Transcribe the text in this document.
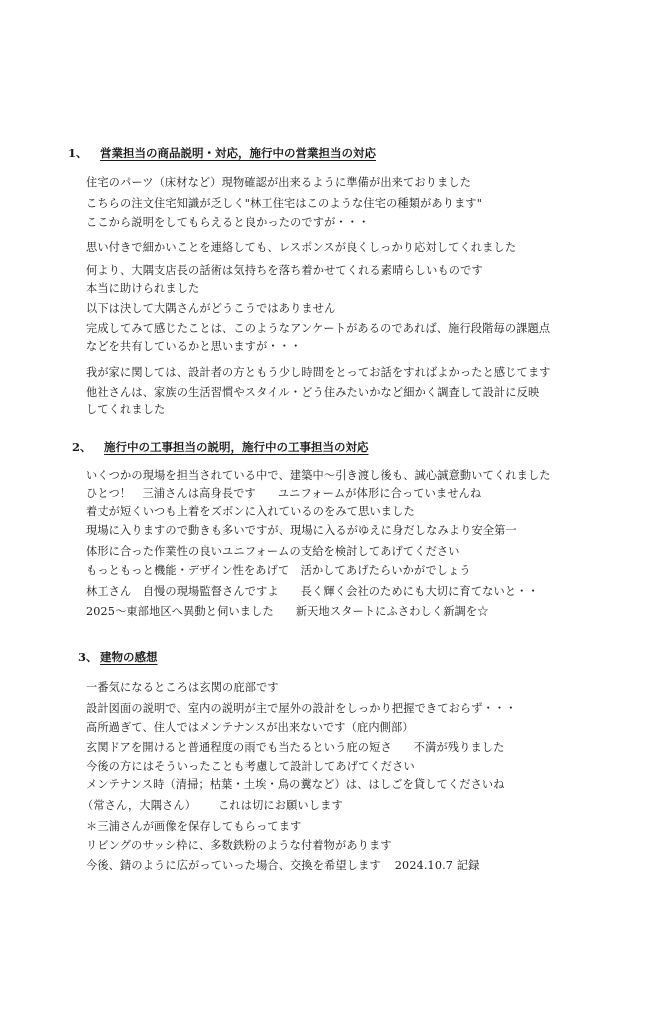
1、 営業担当の商品説明・対応，施行中の営業担当の対応
住宅のパーツ（床材など）現物確認が出来るように準備が出来ておりました
こちらの注文住宅知識が乏しく"林工住宅はこのような住宅の種類があります"
ここから説明をしてもらえると良かったのですが・・・
思い付きで細かいことを連絡しても、レスポンスが良くしっかり応対してくれました
何より、大隅支店長の話術は気持ちを落ち着かせてくれる素晴らしいものです
本当に助けられました
以下は決して大隅さんがどうこうではありません
完成してみて感じたことは、このようなアンケートがあるのであれば、施行段階毎の課題点
などを共有しているかと思いますが・・・
我が家に関しては、設計者の方ともう少し時間をとってお話をすればよかったと感じてます
他社さんは、家族の生活習慣やスタイル・どう住みたいかなど細かく調査して設計に反映
してくれました
2、 施行中の工事担当の説明，施行中の工事担当の対応
いくつかの現場を担当されている中で、建築中～引き渡し後も、誠心誠意動いてくれました
ひとつ！　三浦さんは高身長です ユニフォームが体形に合っていませんね
着丈が短くいつも上着をズボンに入れているのをみて思いました
現場に入りますので動きも多いですが、現場に入るがゆえに身だしなみより安全第一
体形に合った作業性の良いユニフォームの支給を検討してあげてください
もっともっと機能・デザイン性をあげて　活かしてあげたらいかがでしょう
林工さん　自慢の現場監督さんですよ 長く輝く会社のためにも大切に育てないと・・
2025～東部地区へ異動と伺いました 新天地スタートにふさわしく新調を☆
3、 建物の感想
一番気になるところは玄関の庇部です
設計図面の説明で、室内の説明が主で屋外の設計をしっかり把握できておらず・・・
高所過ぎて、住人ではメンテナンスが出来ないです（庇内側部）
玄関ドアを開けると普通程度の雨でも当たるという庇の短さ 不満が残りました
今後の方にはそういったことも考慮して設計してあげてください
メンテナンス時（清掃；枯葉・土埃・鳥の糞など）は、はしごを貸してくださいね
（常さん，大隅さん） これは切にお願いします
＊三浦さんが画像を保存してもらってます
リビングのサッシ枠に、多数鉄粉のような付着物があります
今後、錆のように広がっていった場合、交換を希望します 2024.10.7 記録
